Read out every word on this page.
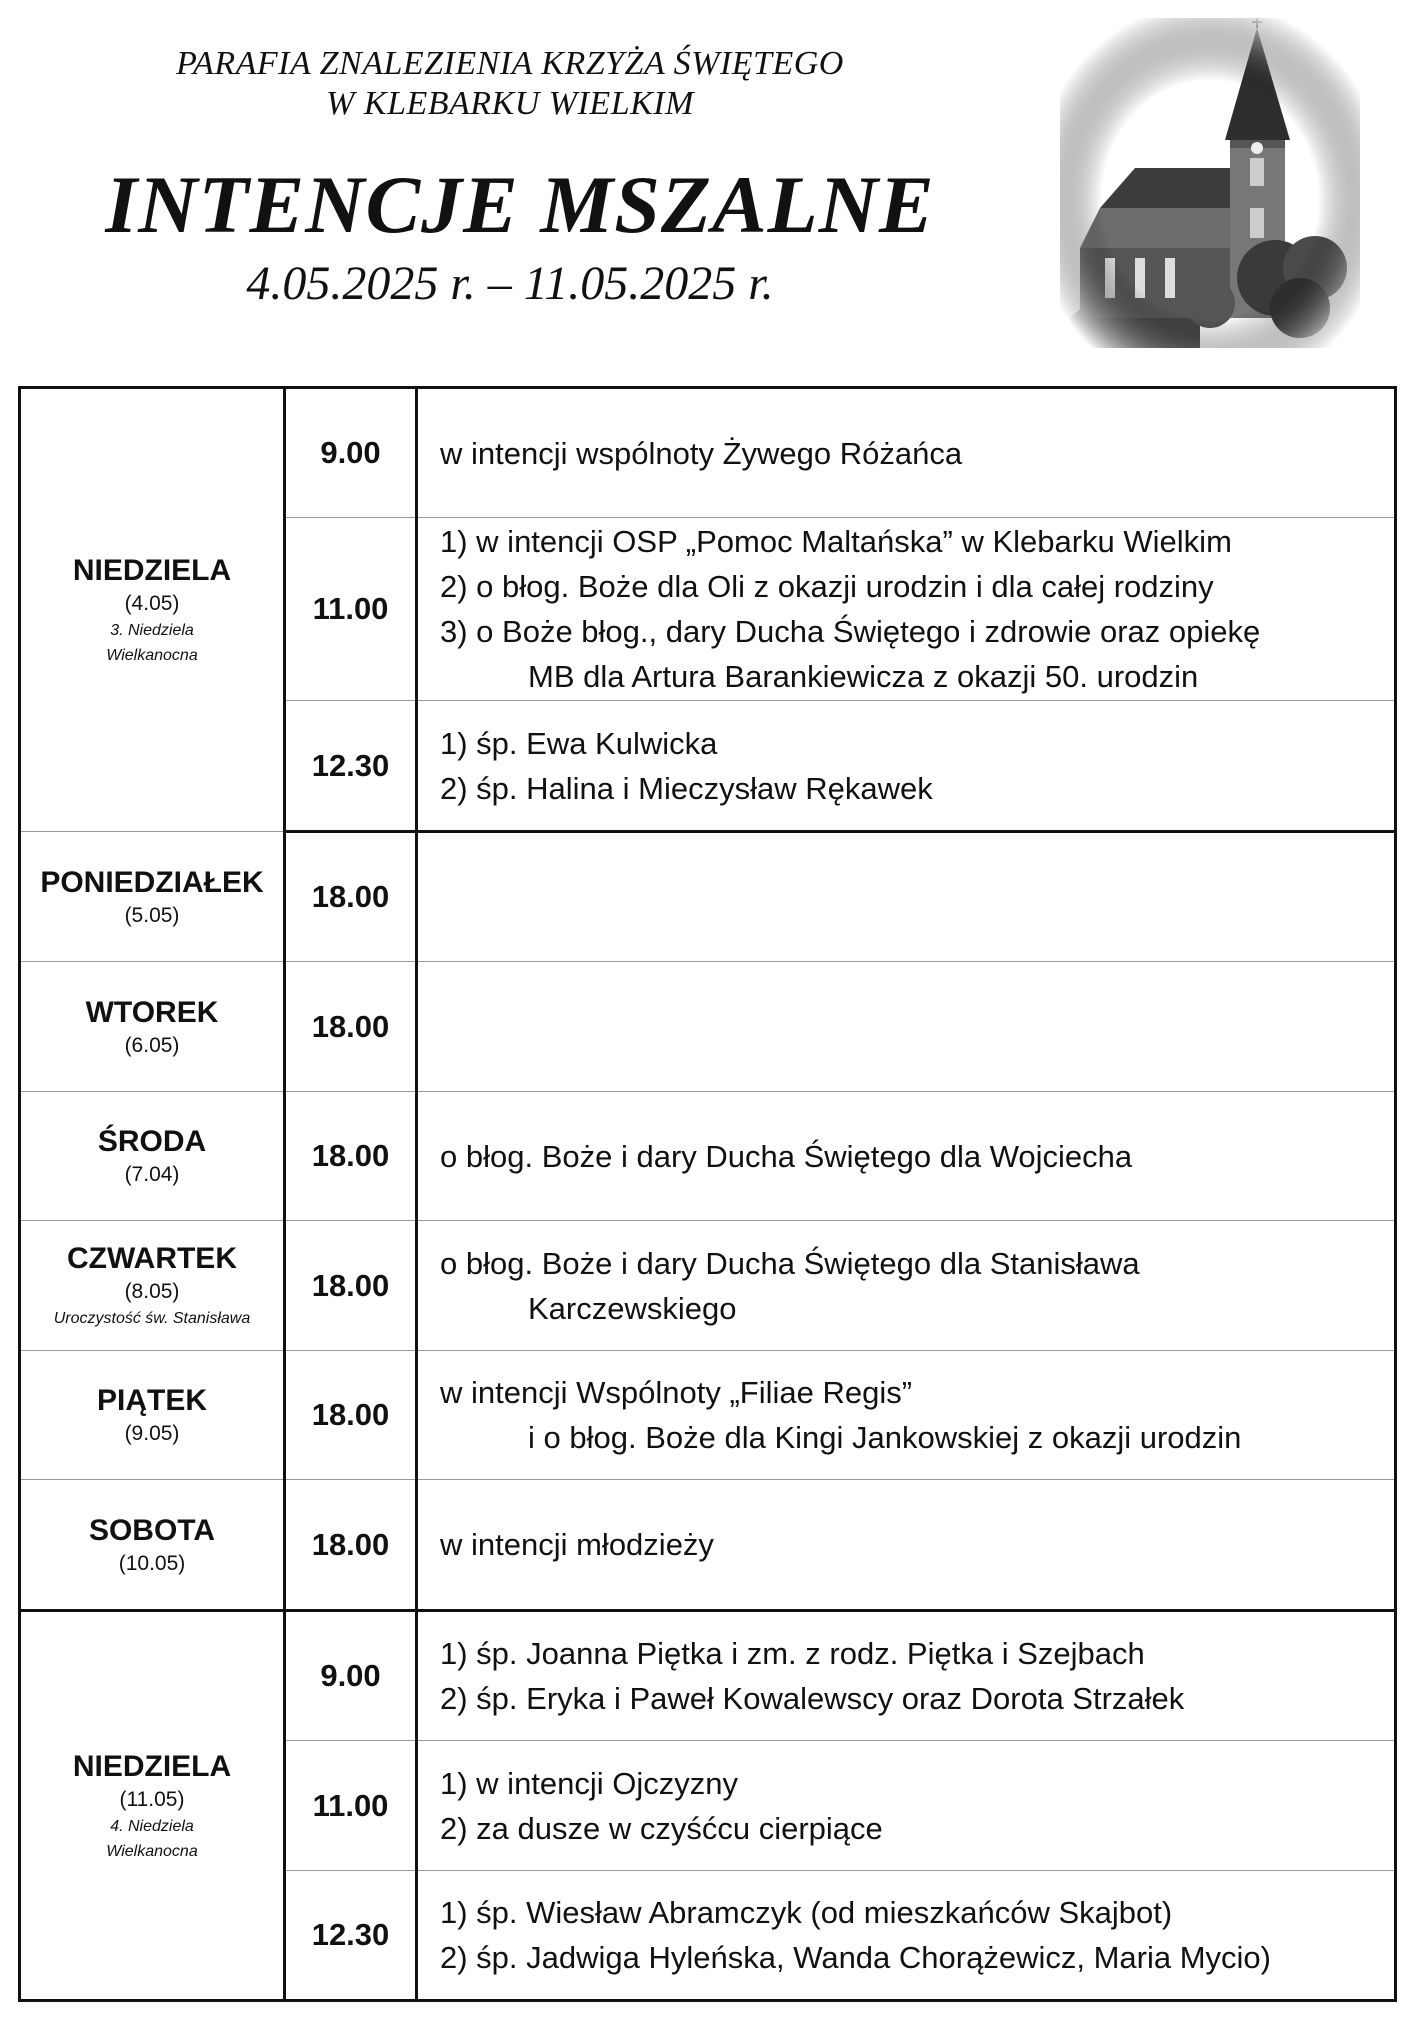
PARAFIA ZNALEZIENIA KRZYŻA ŚWIĘTEGO
W KLEBARKU WIELKIM
INTENCJE MSZALNE
4.05.2025 r. – 11.05.2025 r.
NIEDZIELA
(4.05)
3. Niedziela
Wielkanocna	9.00	w intencji wspólnoty Żywego Różańca

	11.00	1) w intencji OSP „Pomoc Maltańska” w Klebarku Wielkim
2) o błog. Boże dla Oli z okazji urodzin i dla całej rodziny
3) o Boże błog., dary Ducha Świętego i zdrowie oraz opiekę
MB dla Artura Barankiewicza z okazji 50. urodzin

	12.30	1) śp. Ewa Kulwicka
2) śp. Halina i Mieczysław Rękawek

PONIEDZIAŁEK
(5.05)	18.00	

WTOREK
(6.05)	18.00	

ŚRODA
(7.04)	18.00	o błog. Boże i dary Ducha Świętego dla Wojciecha

CZWARTEK
(8.05)
Uroczystość św. Stanisława	18.00	o błog. Boże i dary Ducha Świętego dla Stanisława
Karczewskiego

PIĄTEK
(9.05)	18.00	w intencji Wspólnoty „Filiae Regis”
i o błog. Boże dla Kingi Jankowskiej z okazji urodzin

SOBOTA
(10.05)	18.00	w intencji młodzieży

NIEDZIELA
(11.05)
4. Niedziela
Wielkanocna	9.00	1) śp. Joanna Piętka i zm. z rodz. Piętka i Szejbach
2) śp. Eryka i Paweł Kowalewscy oraz Dorota Strzałek

	11.00	1) w intencji Ojczyzny
2) za dusze w czyśćcu cierpiące

	12.30	1) śp. Wiesław Abramczyk (od mieszkańców Skajbot)
2) śp. Jadwiga Hyleńska, Wanda Chorążewicz, Maria Mycio)
